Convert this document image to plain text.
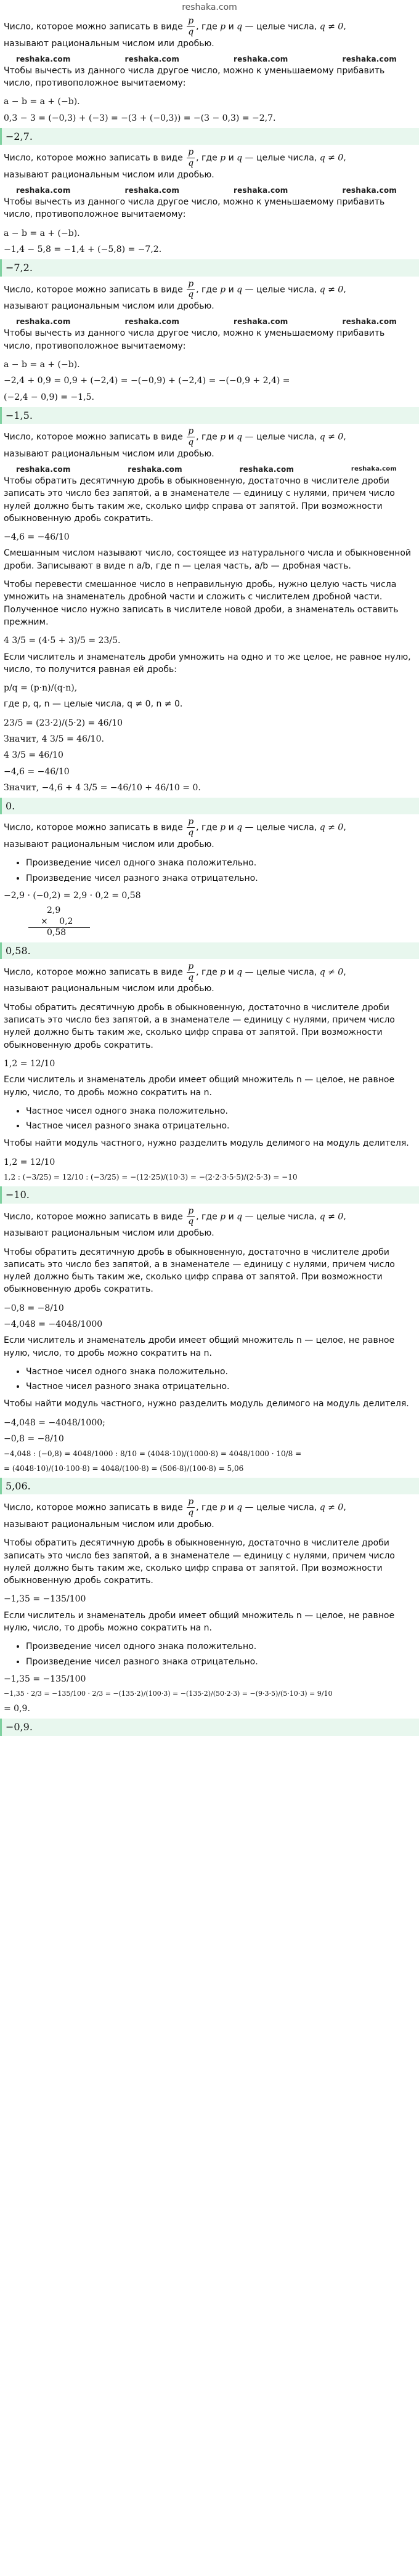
reshaka.com
Число, которое можно записать в виде $\frac{p}{q}$ , где p и q — целые числа, q ≠ 0,
называют рациональным числом или дробью.
reshaka.com	reshaka.com	reshaka.com	reshaka.com
Чтобы вычесть из данного числа другое число, можно к уменьшаемому прибавить число, противоположное вычитаемому:
a − b = a + (−b).
0,3 − 3 = (−0,3) + (−3) = −(3 + (−0,3)) = −(3 − 0,3) = −2,7.
−2,7.
Число, которое можно записать в виде $\frac{p}{q}$ , где p и q — целые числа, q ≠ 0,
называют рациональным числом или дробью.
reshaka.com	reshaka.com	reshaka.com	reshaka.com
Чтобы вычесть из данного числа другое число, можно к уменьшаемому прибавить число, противоположное вычитаемому:
a − b = a + (−b).
−1,4 − 5,8 = −1,4 + (−5,8) = −7,2.
−7,2.
Число, которое можно записать в виде $\frac{p}{q}$ , где p и q — целые числа, q ≠ 0,
называют рациональным числом или дробью.
reshaka.com	reshaka.com	reshaka.com	reshaka.com
Чтобы вычесть из данного числа другое число, можно к уменьшаемому прибавить число, противоположное вычитаемому:
a − b = a + (−b).
−2,4 + 0,9 = 0,9 + (−2,4) = −(−0,9) + (−2,4) = −(−0,9 + 2,4) =
(−2,4 − 0,9) = −1,5.
−1,5.
Число, которое можно записать в виде $\frac{p}{q}$ , где p и q — целые числа, q ≠ 0,
называют рациональным числом или дробью.
reshaka.com	reshaka.com	reshaka.com	reshaka.com
Чтобы обратить десятичную дробь в обыкновенную, достаточно в числителе дроби записать это число без запятой, а в знаменателе — единицу с нулями, причем число нулей должно быть таким же, сколько цифр справа от запятой. При возможности обыкновенную дробь сократить.
−4,6 = −46/10
Смешанным числом называют число, состоящее из натурального числа и обыкновенной дроби. Записывают в виде n a/b, где n — целая часть, a/b — дробная часть.
Чтобы перевести смешанное число в неправильную дробь, нужно целую часть числа умножить на знаменатель дробной части и сложить с числителем дробной части. Полученное число нужно записать в числителе новой дроби, а знаменатель оставить прежним.
4 3/5 = (4·5 + 3)/5 = 23/5.
Если числитель и знаменатель дроби умножить на одно и то же целое, не равное нулю, число, то получится равная ей дробь:
p/q = (p·n)/(q·n),
где p, q, n — целые числа, q ≠ 0, n ≠ 0.
23/5 = (23·2)/(5·2) = 46/10
Значит, 4 3/5 = 46/10.
4 3/5 = 46/10
−4,6 = −46/10
Значит, −4,6 + 4 3/5 = −46/10 + 46/10 = 0.
0.
Число, которое можно записать в виде $\frac{p}{q}$ , где p и q — целые числа, q ≠ 0,
называют рациональным числом или дробью.
• Произведение чисел одного знака положительно.
• Произведение чисел разного знака отрицательно.
−2,9 · (−0,2) = 2,9 · 0,2 = 0,58
2,9
× 0,2
0,58
0,58.
Число, которое можно записать в виде $\frac{p}{q}$ , где p и q — целые числа, q ≠ 0,
называют рациональным числом или дробью.
Чтобы обратить десятичную дробь в обыкновенную, достаточно в числителе дроби записать это число без запятой, а в знаменателе — единицу с нулями, причем число нулей должно быть таким же, сколько цифр справа от запятой. При возможности обыкновенную дробь сократить.
1,2 = 12/10
Если числитель и знаменатель дроби имеет общий множитель n — целое, не равное нулю, число, то дробь можно сократить на n.
• Частное чисел одного знака положительно.
• Частное чисел разного знака отрицательно.
Чтобы найти модуль частного, нужно разделить модуль делимого на модуль делителя.
1,2 = 12/10
1,2 : (−3/25) = 12/10 : (−3/25) = −(12·25)/(10·3) = −(2·2·3·5·5)/(2·5·3) = −10
−10.
Число, которое можно записать в виде $\frac{p}{q}$ , где p и q — целые числа, q ≠ 0,
называют рациональным числом или дробью.
Чтобы обратить десятичную дробь в обыкновенную, достаточно в числителе дроби записать это число без запятой, а в знаменателе — единицу с нулями, причем число нулей должно быть таким же, сколько цифр справа от запятой. При возможности обыкновенную дробь сократить.
−0,8 = −8/10
−4,048 = −4048/1000
Если числитель и знаменатель дроби имеет общий множитель n — целое, не равное нулю, число, то дробь можно сократить на n.
• Частное чисел одного знака положительно.
• Частное чисел разного знака отрицательно.
Чтобы найти модуль частного, нужно разделить модуль делимого на модуль делителя.
−4,048 = −4048/1000;
−0,8 = −8/10
−4,048 : (−0,8) = 4048/1000 : 8/10 = (4048·10)/(1000·8) = 4048/1000 · 10/8 =
= (4048·10)/(10·100·8) = 4048/(100·8) = (506·8)/(100·8) = 5,06
5,06.
Число, которое можно записать в виде $\frac{p}{q}$ , где p и q — целые числа, q ≠ 0,
называют рациональным числом или дробью.
Чтобы обратить десятичную дробь в обыкновенную, достаточно в числителе дроби записать это число без запятой, а в знаменателе — единицу с нулями, причем число нулей должно быть таким же, сколько цифр справа от запятой. При возможности обыкновенную дробь сократить.
−1,35 = −135/100
Если числитель и знаменатель дроби имеет общий множитель n — целое, не равное нулю, число, то дробь можно сократить на n.
• Произведение чисел одного знака положительно.
• Произведение чисел разного знака отрицательно.
−1,35 = −135/100
−1,35 · 2/3 = −135/100 · 2/3 = −(135·2)/(100·3) = −(135·2)/(50·2·3) = −(9·3·5)/(5·10·3) = 9/10
= 0,9.
−0,9.
